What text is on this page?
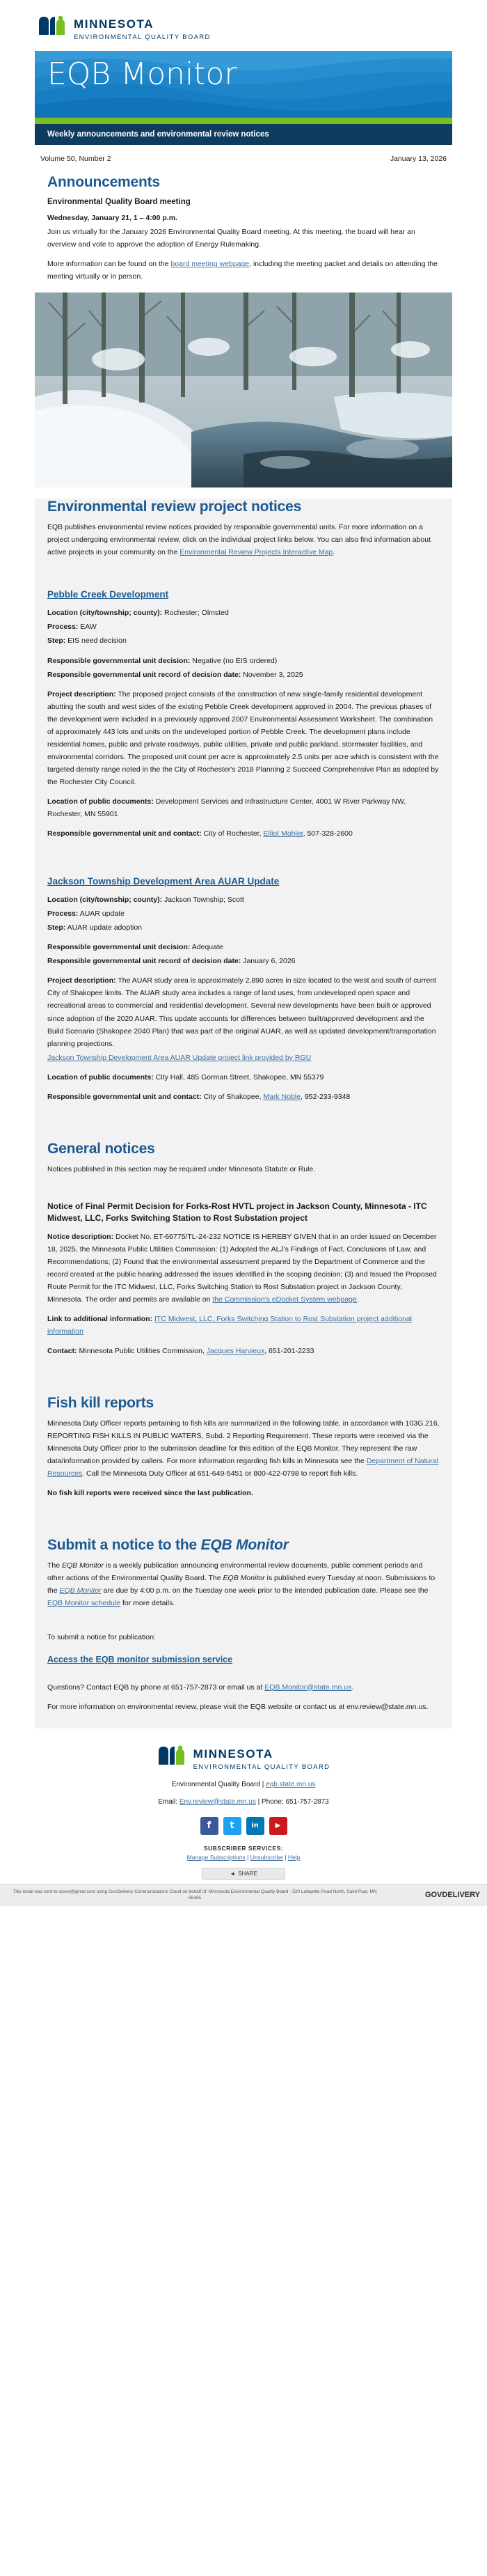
MINNESOTA
ENVIRONMENTAL QUALITY BOARD
EQB Monitor
Weekly announcements and environmental review notices
Volume 50, Number 2	January 13, 2026
Announcements
Environmental Quality Board meeting

Wednesday, January 21, 1 – 4:00 p.m.

Join us virtually for the January 2026 Environmental Quality Board meeting. At this meeting, the board will hear an overview and vote to approve the adoption of Energy Rulemaking.

More information can be found on the board meeting webpage, including the meeting packet and details on attending the meeting virtually or in person.

Environmental review project notices

EQB publishes environmental review notices provided by responsible governmental units. For more information on a project undergoing environmental review, click on the individual project links below. You can also find information about active projects in your community on the Environmental Review Projects Interactive Map.

Pebble Creek Development

Location (city/township; county): Rochester; Olmsted

Process: EAW

Step: EIS need decision

Responsible governmental unit decision: Negative (no EIS ordered)

Responsible governmental unit record of decision date: November 3, 2025

Project description: The proposed project consists of the construction of new single-family residential development abutting the south and west sides of the existing Pebble Creek development approved in 2004. The previous phases of the development were included in a previously approved 2007 Environmental Assessment Worksheet. The combination of approximately 443 lots and units on the undeveloped portion of Pebble Creek. The development plans include residential homes, public and private roadways, public utilities, private and public parkland, stormwater facilities, and environmental corridors. The proposed unit count per acre is approximately 2.5 units per acre which is consistent with the targeted density range noted in the the City of Rochester's 2018 Planning 2 Succeed Comprehensive Plan as adopted by the Rochester City Council.

Location of public documents: Development Services and Infrastructure Center, 4001 W River Parkway NW, Rochester, MN 55901

Responsible governmental unit and contact: City of Rochester, Elliot Mohler, 507-328-2600

Jackson Township Development Area AUAR Update

Location (city/township; county): Jackson Township; Scott

Process: AUAR update

Step: AUAR update adoption

Responsible governmental unit decision: Adequate

Responsible governmental unit record of decision date: January 6, 2026

Project description: The AUAR study area is approximately 2,890 acres in size located to the west and south of current City of Shakopee limits. The AUAR study area includes a range of land uses, from undeveloped open space and recreational areas to commercial and residential development. Several new developments have been built or approved since adoption of the 2020 AUAR. This update accounts for differences between built/approved development and the Build Scenario (Shakopee 2040 Plan) that was part of the original AUAR, as well as updated development/transportation planning projections.

Jackson Township Development Area AUAR Update project link provided by RGU

Location of public documents: City Hall, 485 Gorman Street, Shakopee, MN 55379

Responsible governmental unit and contact: City of Shakopee, Mark Noble, 952-233-9348

General notices

Notices published in this section may be required under Minnesota Statute or Rule.

Notice of Final Permit Decision for Forks-Rost HVTL project in Jackson County, Minnesota - ITC Midwest, LLC, Forks Switching Station to Rost Substation project

Notice description: Docket No. ET-66775/TL-24-232 NOTICE IS HEREBY GIVEN that in an order issued on December 18, 2025, the Minnesota Public Utilities Commission: (1) Adopted the ALJ's Findings of Fact, Conclusions of Law, and Recommendations; (2) Found that the environmental assessment prepared by the Department of Commerce and the record created at the public hearing addressed the issues identified in the scoping decision; (3) and Issued the Proposed Route Permit for the ITC Midwest, LLC, Forks Switching Station to Rost Substation project in Jackson County, Minnesota. The order and permits are available on the Commission's eDocket System webpage.

Link to additional information: ITC Midwest, LLC, Forks Switching Station to Rost Substation project additional information

Contact: Minnesota Public Utilities Commission, Jacques Harvieux, 651-201-2233

Fish kill reports

Minnesota Duty Officer reports pertaining to fish kills are summarized in the following table, in accordance with 103G.216, REPORTING FISH KILLS IN PUBLIC WATERS, Subd. 2 Reporting Requirement. These reports were received via the Minnesota Duty Officer prior to the submission deadline for this edition of the EQB Monitor. They represent the raw data/information provided by callers. For more information regarding fish kills in Minnesota see the Department of Natural Resources. Call the Minnesota Duty Officer at 651-649-5451 or 800-422-0798 to report fish kills.

No fish kill reports were received since the last publication.

Submit a notice to the EQB Monitor

The EQB Monitor is a weekly publication announcing environmental review documents, public comment periods and other actions of the Environmental Quality Board. The EQB Monitor is published every Tuesday at noon. Submissions to the EQB Monitor are due by 4:00 p.m. on the Tuesday one week prior to the intended publication date. Please see the EQB Monitor schedule for more details.

To submit a notice for publication:

Access the EQB monitor submission service

Questions? Contact EQB by phone at 651-757-2873 or email us at EQB.Monitor@state.mn.us.

For more information on environmental review, please visit the EQB website or contact us at env.review@state.mn.us.

MINNESOTA
ENVIRONMENTAL QUALITY BOARD
Environmental Quality Board | eqb.state.mn.us
Email: Env.review@state.mn.us | Phone: 651-757-2873
f	t	in	▶
SUBSCRIBER SERVICES:
Manage Subscriptions | Unsubscribe | Help
◄ SHARE
This email was sent to xxxxx@gmail.com using GovDelivery Communications Cloud on behalf of: Minnesota Environmental Quality Board · 520 Lafayette Road North, Saint Paul, MN 55155	GOVDELIVERY
